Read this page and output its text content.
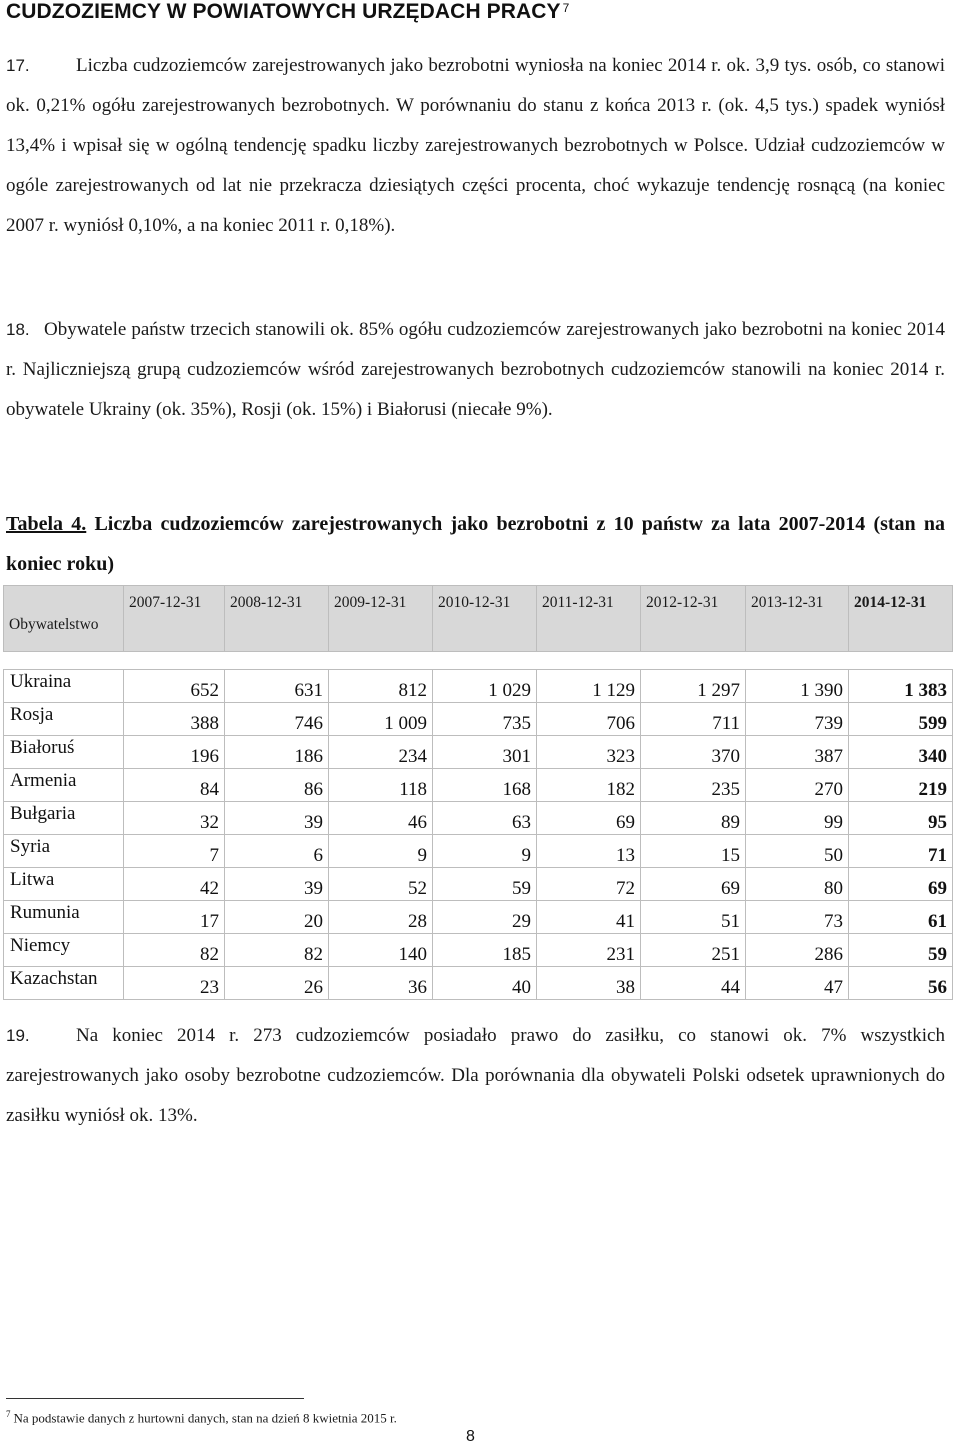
CUDZOZIEMCY W POWIATOWYCH URZĘDACH PRACY $^7$
17. Liczba cudzoziemców zarejestrowanych jako bezrobotni wyniosła na koniec 2014 r. ok. 3,9 tys. osób, co stanowi ok. 0,21% ogółu zarejestrowanych bezrobotnych. W porównaniu do stanu z końca 2013 r. (ok. 4,5 tys.) spadek wyniósł 13,4% i wpisał się w ogólną tendencję spadku liczby zarejestrowanych bezrobotnych w Polsce. Udział cudzoziemców w ogóle zarejestrowanych od lat nie przekracza dziesiątych części procenta, choć wykazuje tendencję rosnącą (na koniec 2007 r. wyniósł 0,10%, a na koniec 2011 r. 0,18%).
18. Obywatele państw trzecich stanowili ok. 85% ogółu cudzoziemców zarejestrowanych jako bezrobotni na koniec 2014 r. Najliczniejszą grupą cudzoziemców wśród zarejestrowanych bezrobotnych cudzoziemców stanowili na koniec 2014 r. obywatele Ukrainy (ok. 35%), Rosji (ok. 15%) i Białorusi (niecałe 9%).
Tabela 4. Liczba cudzoziemców zarejestrowanych jako bezrobotni z 10 państw za lata 2007-2014 (stan na koniec roku)
Obywatelstwo	2007-12-31	2008-12-31	2009-12-31	2010-12-31	2011-12-31	2012-12-31	2013-12-31	2014-12-31

Ukraina	652	631	812	1 029	1 129	1 297	1 390	1 383
Rosja	388	746	1 009	735	706	711	739	599
Białoruś	196	186	234	301	323	370	387	340
Armenia	84	86	118	168	182	235	270	219
Bułgaria	32	39	46	63	69	89	99	95
Syria	7	6	9	9	13	15	50	71
Litwa	42	39	52	59	72	69	80	69
Rumunia	17	20	28	29	41	51	73	61
Niemcy	82	82	140	185	231	251	286	59
Kazachstan	23	26	36	40	38	44	47	56
19. Na koniec 2014 r. 273 cudzoziemców posiadało prawo do zasiłku, co stanowi ok. 7% wszystkich zarejestrowanych jako osoby bezrobotne cudzoziemców. Dla porównania dla obywateli Polski odsetek uprawnionych do zasiłku wyniósł ok. 13%.
$^7$ Na podstawie danych z hurtowni danych, stan na dzień 8 kwietnia 2015 r.
8
